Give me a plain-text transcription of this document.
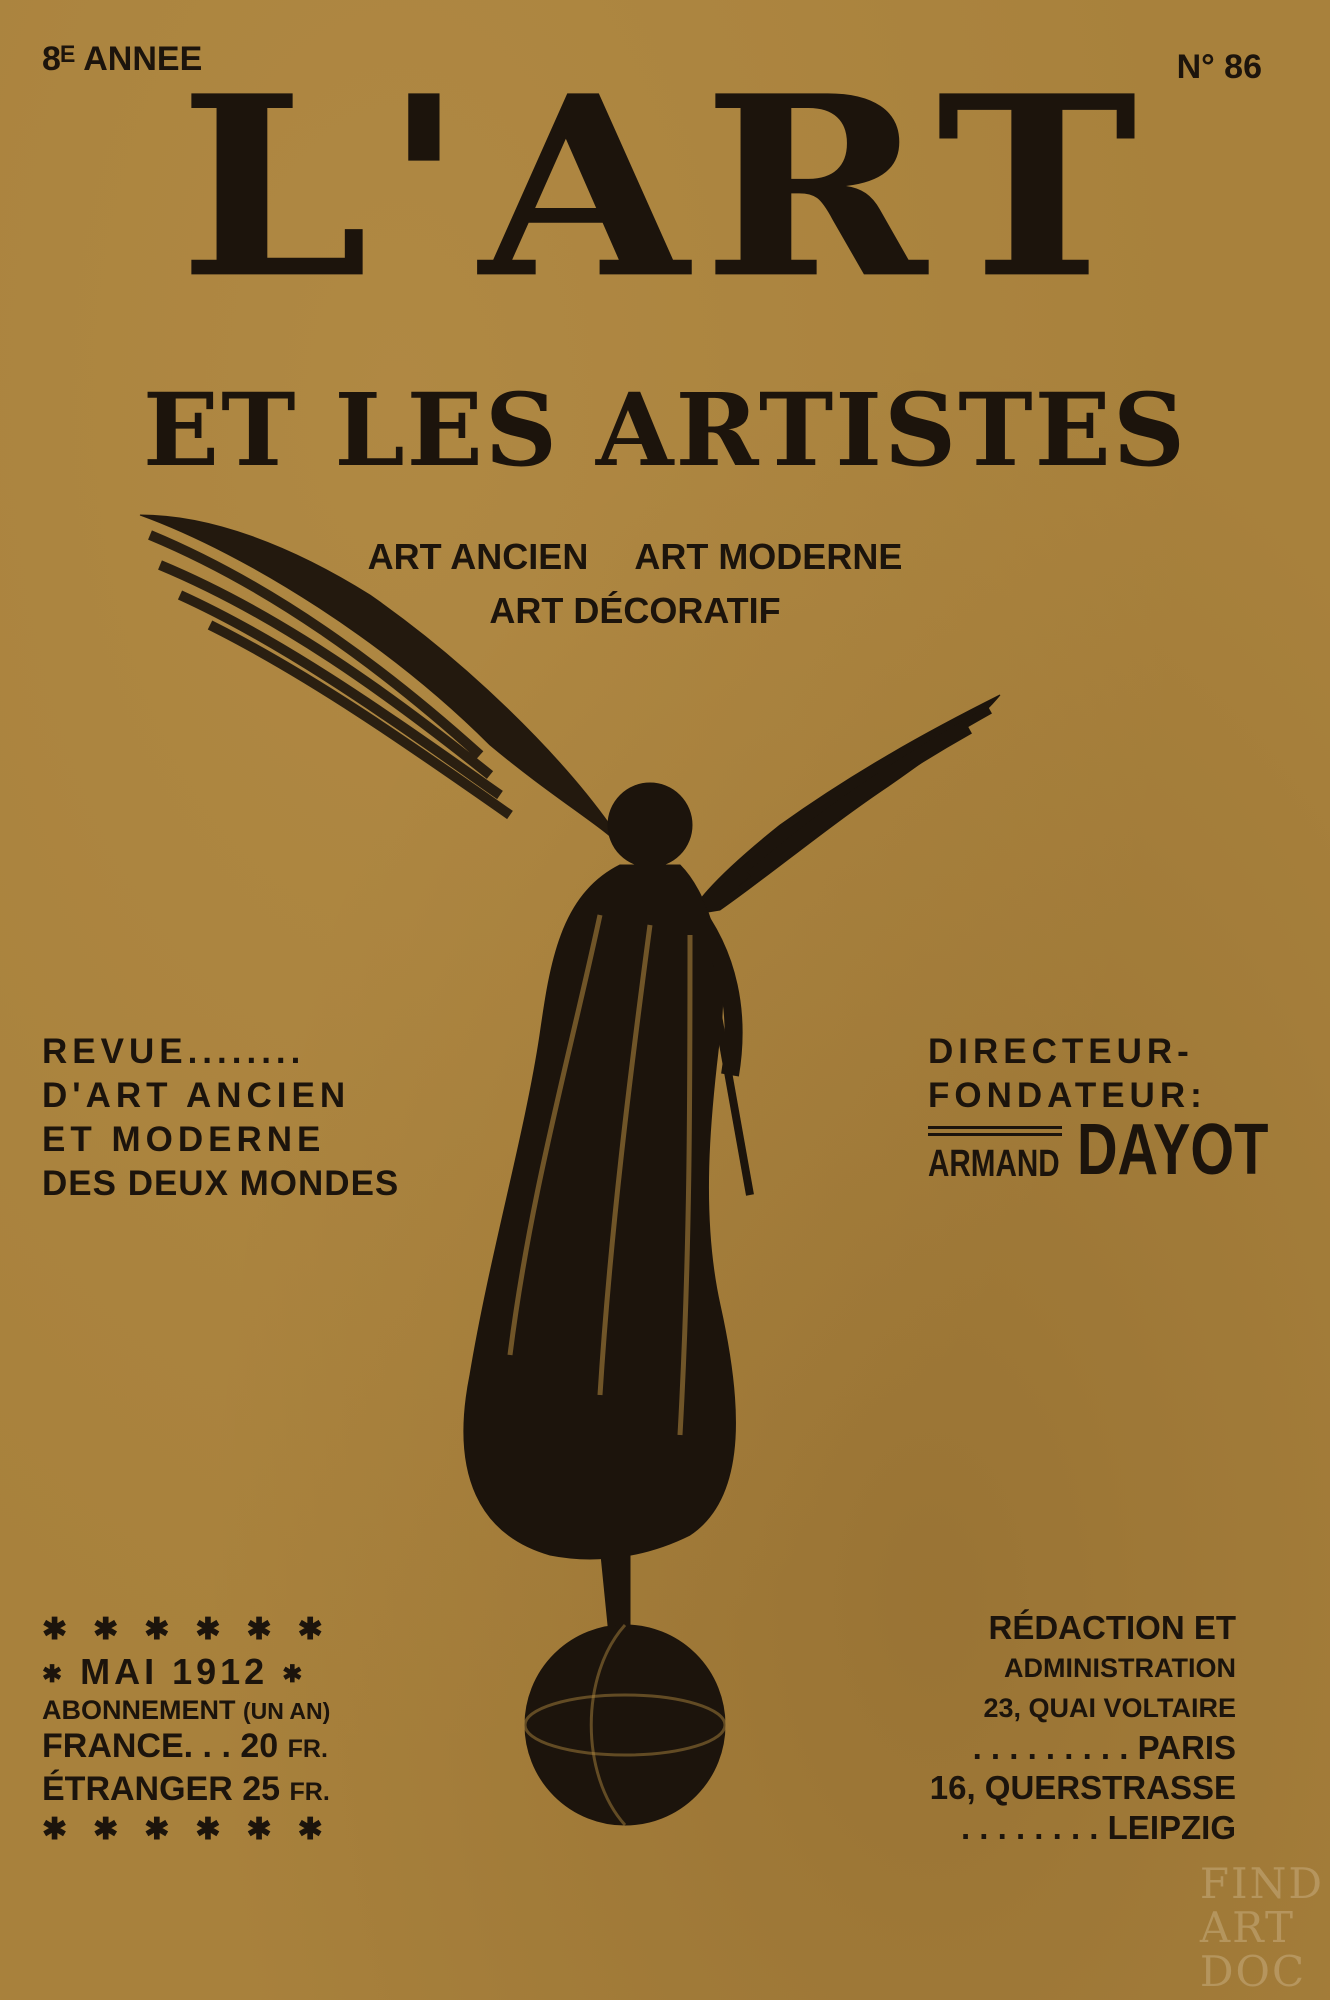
8ᴱ ANNEE	N° 86
L'ART
ET LES ARTISTES
ART ANCIEN ART MODERNE
ART DÉCORATIF
REVUE........
D'ART ANCIEN
ET MODERNE
DES DEUX MONDES
DIRECTEUR-
FONDATEUR:
ARMAND DAYOT
✱✱✱✱✱✱
✱ MAI 1912 ✱
ABONNEMENT (UN AN)
FRANCE. . . 20 FR.
ÉTRANGER 25 FR.
✱✱✱✱✱✱
RÉDACTION ET
ADMINISTRATION
23, QUAI VOLTAIRE
. . . . . . . . . PARIS
16, QUERSTRASSE
. . . . . . . . LEIPZIG
FIND
ART
DOC
